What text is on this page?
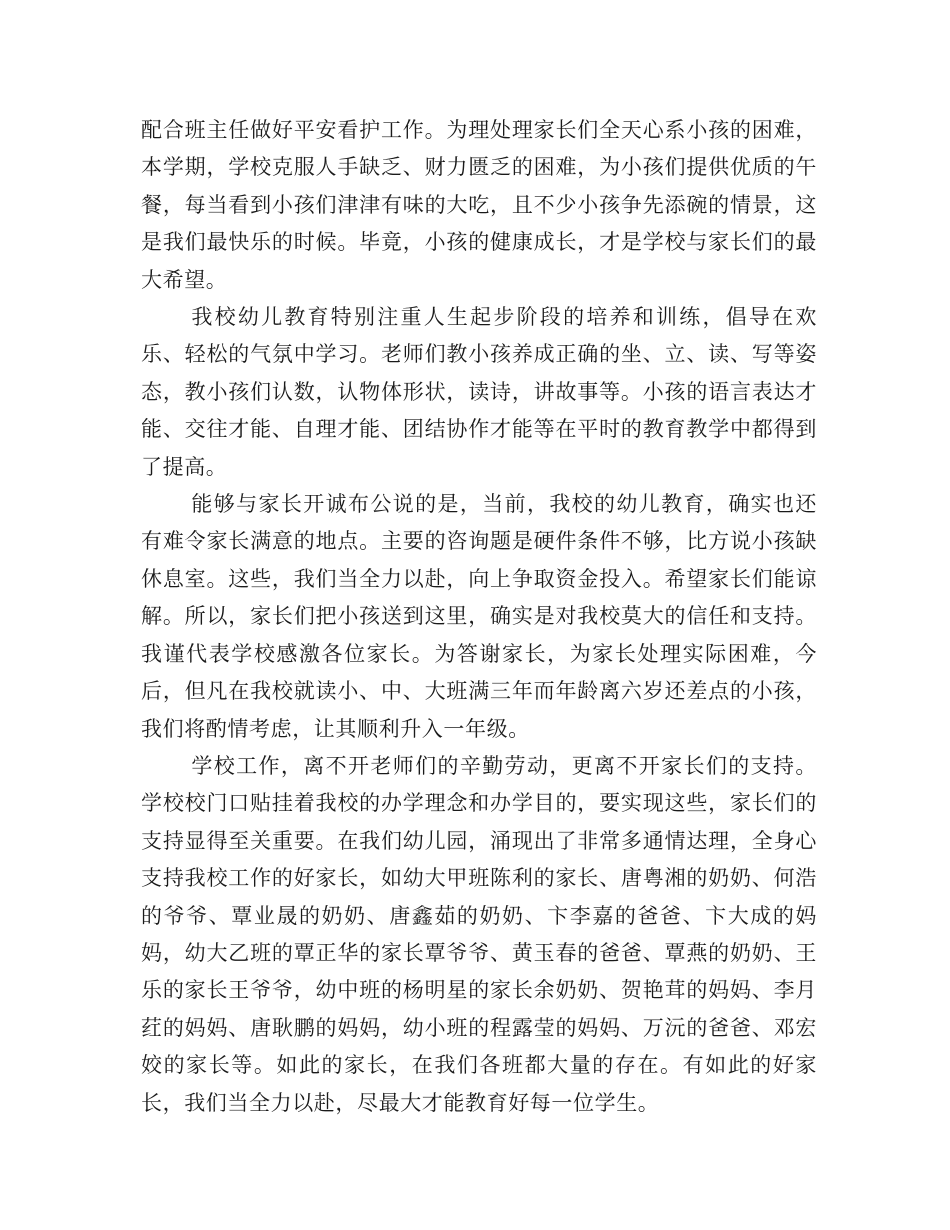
配合班主任做好平安看护工作。为理处理家长们全天心系小孩的困难，本学期，学校克服人手缺乏、财力匮乏的困难，为小孩们提供优质的午餐，每当看到小孩们津津有味的大吃，且不少小孩争先添碗的情景，这是我们最快乐的时候。毕竟，小孩的健康成长，才是学校与家长们的最大希望。

我校幼儿教育特别注重人生起步阶段的培养和训练，倡导在欢乐、轻松的气氛中学习。老师们教小孩养成正确的坐、立、读、写等姿态，教小孩们认数，认物体形状，读诗，讲故事等。小孩的语言表达才能、交往才能、自理才能、团结协作才能等在平时的教育教学中都得到了提高。

能够与家长开诚布公说的是，当前，我校的幼儿教育，确实也还有难令家长满意的地点。主要的咨询题是硬件条件不够，比方说小孩缺休息室。这些，我们当全力以赴，向上争取资金投入。希望家长们能谅解。所以，家长们把小孩送到这里，确实是对我校莫大的信任和支持。我谨代表学校感激各位家长。为答谢家长，为家长处理实际困难，今后，但凡在我校就读小、中、大班满三年而年龄离六岁还差点的小孩，我们将酌情考虑，让其顺利升入一年级。

学校工作，离不开老师们的辛勤劳动，更离不开家长们的支持。学校校门口贴挂着我校的办学理念和办学目的，要实现这些，家长们的支持显得至关重要。在我们幼儿园，涌现出了非常多通情达理，全身心支持我校工作的好家长，如幼大甲班陈利的家长、唐粤湘的奶奶、何浩的爷爷、覃业晟的奶奶、唐鑫茹的奶奶、卞李嘉的爸爸、卞大成的妈妈，幼大乙班的覃正华的家长覃爷爷、黄玉春的爸爸、覃燕的奶奶、王乐的家长王爷爷，幼中班的杨明星的家长余奶奶、贺艳茸的妈妈、李月荭的妈妈、唐耿鹏的妈妈，幼小班的程露莹的妈妈、万沅的爸爸、邓宏姣的家长等。如此的家长，在我们各班都大量的存在。有如此的好家长，我们当全力以赴，尽最大才能教育好每一位学生。
